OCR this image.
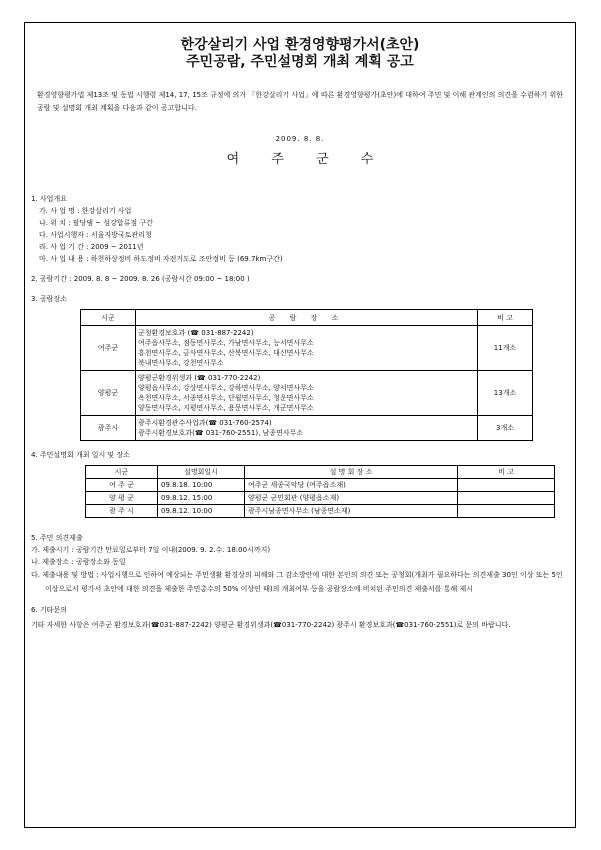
한강살리기 사업 환경영향평가서(초안)
주민공람, 주민설명회 개최 계획 공고
환경영향평가법 제13조 및 동법 시행령 제14, 17, 15조 규정에 의거 「한강살리기 사업」에 따른 환경영향평가(초안)에 대하여 주민 및 이해 관계인의 의견을 수렴하기 위한 공람 및 설명회 개최 계획을 다음과 같이 공고합니다.
2009. 8. 8.
여 주 군 수
1. 사업개요
가. 사 업 명 : 한강살리기 사업
나. 위 치 : 팔당댐 ~ 섬강합류점 구간
다. 사업시행자 : 서울지방국토관리청
라. 사 업 기 간 : 2009 ~ 2011년
마. 사 업 내 용 : 하천하상정비 하도정비 자전거도로 조안정비 등 (69.7km구간)
2. 공람기간 : 2009. 8. 8 ~ 2009. 8. 26 (공람시간 09:00 ~ 18:00 )
3. 공람장소
시군	공 람 장 소	비 고
여주군	군청환경보호과 (☎ 031-887-2242)
여주읍사무소, 점동면사무소, 가남면사무소, 능서면사무소
흥천면사무소, 금사면사무소, 산북면사무소, 대신면사무소
북내면사무소, 강천면사무소	11개소
양평군	양평군환경위생과 (☎ 031-770-2242)
양평읍사무소, 강상면사무소, 강하면사무소, 양서면사무소
옥천면사무소, 서종면사무소, 단월면사무소, 청운면사무소
양동면사무소, 지평면사무소, 용문면사무소, 개군면사무소	13개소
광주시	광주시환경관수사업과(☎ 031-760-2574)
광주시환경보호과(☎ 031-760-2551), 남종면사무소	3개소
4. 주민설명회 개최 일시 및 장소
시군	설명회일시	설 명 회 장 소	비 고
여 주 군	09.8.18. 10:00	여주군 세종국악당 (여주읍소재)	
양 평 군	09.8.12. 15:00	양평군 군민회관 (양평읍소재)	
광 주 시	09.8.12. 10:00	광주시남종면사무소 (남종면소재)	
5. 주민 의견제출
가. 제출시기 : 공람기간 만료일로부터 7일 이내(2009. 9. 2.수. 18:00시까지)
나. 제출장소 : 공람장소와 동일
다. 제출내용 및 방법 : 사업시행으로 인하여 예상되는 주민생활 환경상의 피해와 그 감소방안에 대한 본인의 의견 또는 공청회(개최가 필요하다는 의견제출 30인 이상 또는 5인 이상으로서 평가서 초안에 대한 의견을 제출한 주민총수의 50% 이상인 때)의 개최여부 등을 공람장소에 비치된 주민의견 제출서를 통해 제시
6. 기타문의
기타 자세한 사항은 여주군 환경보호과(☎031-887-2242) 양평군 환경위생과(☎031-770-2242) 광주시 환경보호과(☎031-760-2551)로 문의 바랍니다.
